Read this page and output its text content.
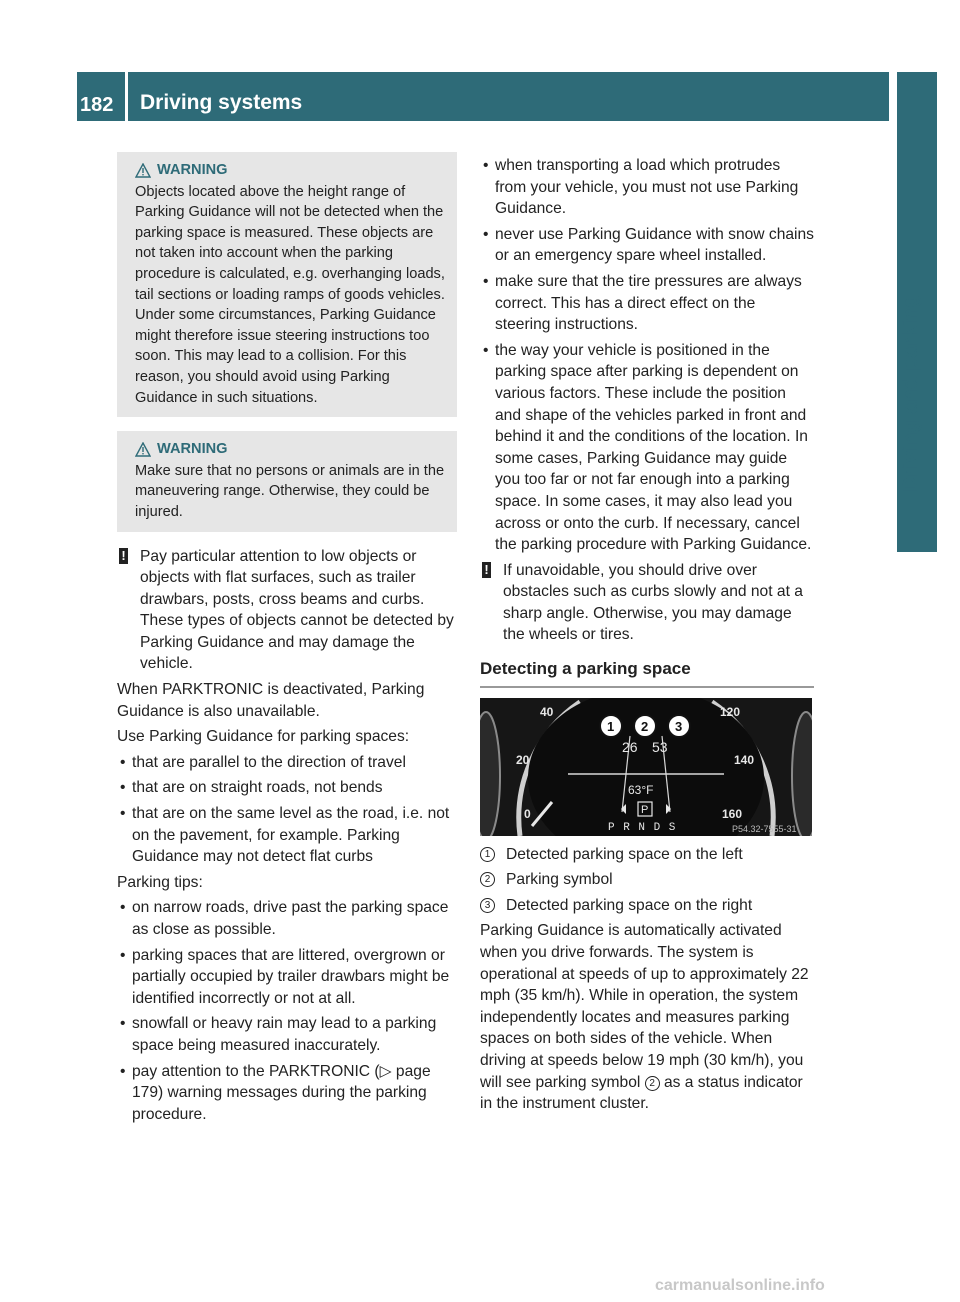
182	Driving systems
Driving and parking
WARNING
Objects located above the height range of Parking Guidance will not be detected when the parking space is measured. These objects are not taken into account when the parking procedure is calculated, e.g. overhanging loads, tail sections or loading ramps of goods vehicles. Under some circumstances, Parking Guidance might therefore issue steering instructions too soon. This may lead to a collision. For this reason, you should avoid using Parking Guidance in such situations.
WARNING
Make sure that no persons or animals are in the maneuvering range. Otherwise, they could be injured.
! Pay particular attention to low objects or objects with flat surfaces, such as trailer drawbars, posts, cross beams and curbs. These types of objects cannot be detected by Parking Guidance and may damage the vehicle.

When PARKTRONIC is deactivated, Parking Guidance is also unavailable.

Use Parking Guidance for parking spaces:

• that are parallel to the direction of travel
• that are on straight roads, not bends
• that are on the same level as the road, i.e. not on the pavement, for example. Parking Guidance may not detect flat curbs

Parking tips:

• on narrow roads, drive past the parking space as close as possible.
• parking spaces that are littered, overgrown or partially occupied by trailer drawbars might be identified incorrectly or not at all.
• snowfall or heavy rain may lead to a parking space being measured inaccurately.
• pay attention to the PARKTRONIC (▷ page 179) warning messages during the parking procedure.
• when transporting a load which protrudes from your vehicle, you must not use Parking Guidance.
• never use Parking Guidance with snow chains or an emergency spare wheel installed.
• make sure that the tire pressures are always correct. This has a direct effect on the steering instructions.
• the way your vehicle is positioned in the parking space after parking is dependent on various factors. These include the position and shape of the vehicles parked in front and behind it and the conditions of the location. In some cases, Parking Guidance may guide you too far or not far enough into a parking space. In some cases, it may also lead you across or onto the curb. If necessary, cancel the parking procedure with Parking Guidance.
! If unavoidable, you should drive over obstacles such as curbs slowly and not at a sharp angle. Otherwise, you may damage the wheels or tires.
Detecting a parking space
40
20
0
120
140
160
26 53
63°F
P
P R N D S
1 2 3
P54.32-7555-31
1	Detected parking space on the left
2	Parking symbol
3	Detected parking space on the right

Parking Guidance is automatically activated when you drive forwards. The system is operational at speeds of up to approximately 22 mph (35 km/h). While in operation, the system independently locates and measures parking spaces on both sides of the vehicle. When driving at speeds below 19 mph (30 km/h), you will see parking symbol 2 as a status indicator in the instrument cluster.

carmanualsonline.info
